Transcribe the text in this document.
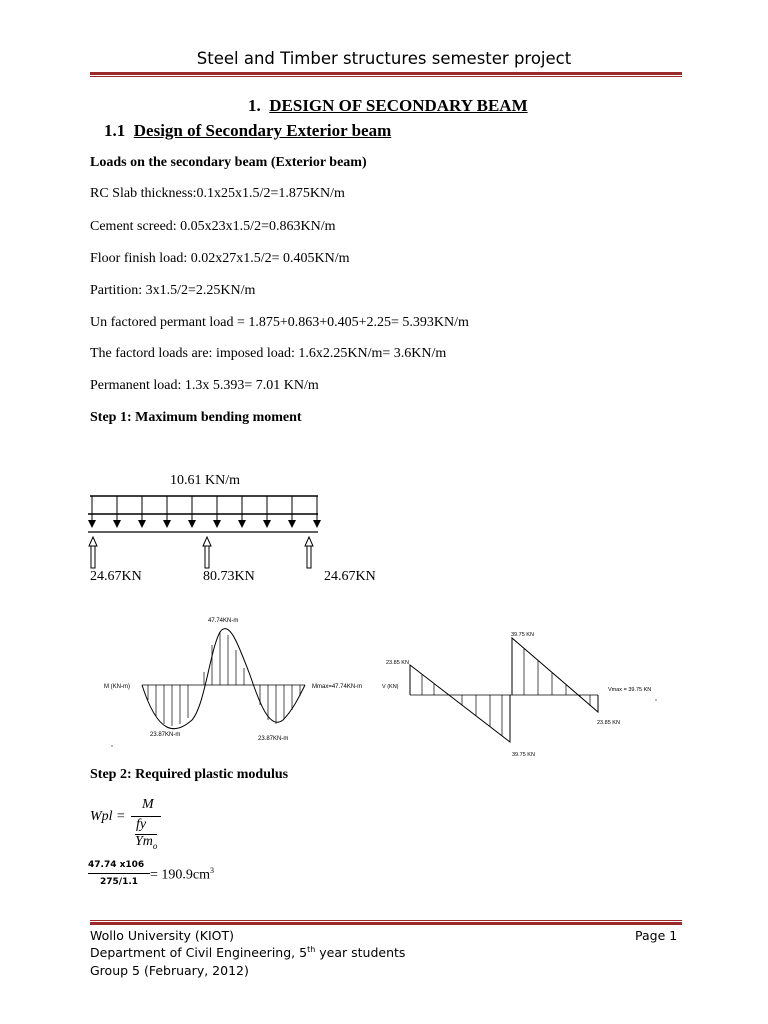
Steel and Timber structures semester project
1. DESIGN OF SECONDARY BEAM
1.1 Design of Secondary Exterior beam
Loads on the secondary beam (Exterior beam)
RC Slab thickness:0.1x25x1.5/2=1.875KN/m
Cement screed: 0.05x23x1.5/2=0.863KN/m
Floor finish load: 0.02x27x1.5/2= 0.405KN/m
Partition: 3x1.5/2=2.25KN/m
Un factored permant load = 1.875+0.863+0.405+2.25= 5.393KN/m
The factord loads are: imposed load: 1.6x2.25KN/m= 3.6KN/m
Permanent load: 1.3x 5.393= 7.01 KN/m
Step 1: Maximum bending moment
10.61 KN/m
24.67KN	80.73KN	24.67KN
M (KN-m)
47.74KN-m
23.87KN-m
23.87KN-m
Mmax=47.74KN-m	V (KN)
23.85 KN
39.75 KN
39.75 KN
23.85 KN
Vmax = 39.75 KN
Step 2: Required plastic modulus
Wpl =
M
fy
$Ym_o$
47.74 x106
$275/1.1 = 190.9cm^3$
Wollo University (KIOT)
Department of Civil Engineering, 5th year students
Group 5 (February, 2012)
Page 1
